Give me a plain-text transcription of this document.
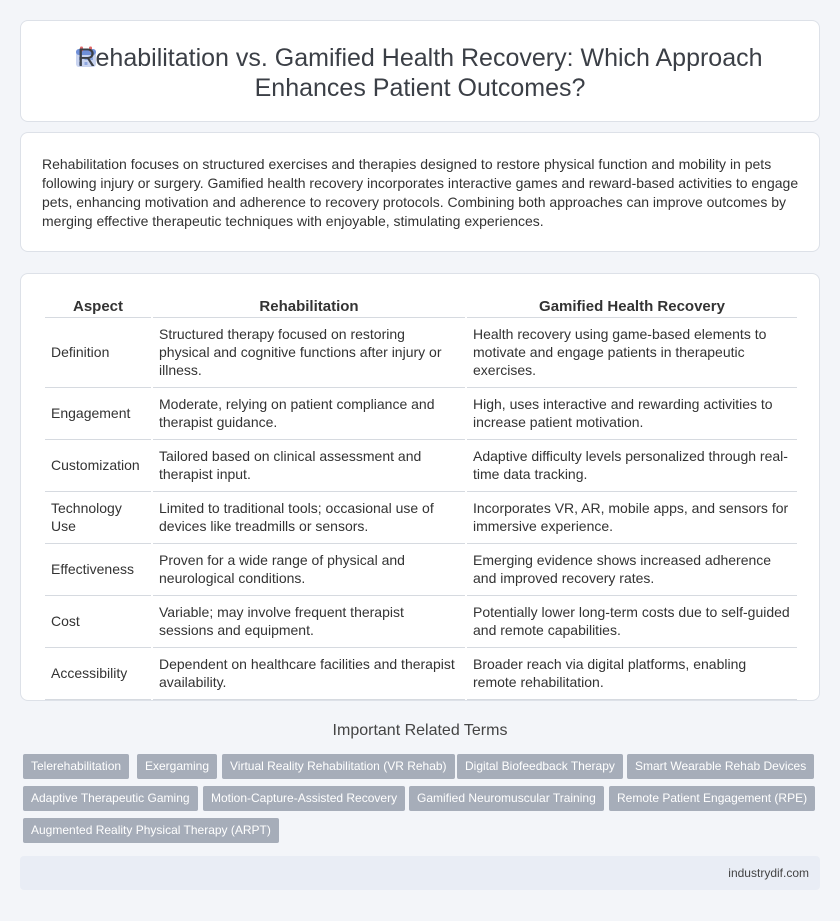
Rehabilitation vs. Gamified Health Recovery: Which Approach Enhances Patient Outcomes?
Rehabilitation focuses on structured exercises and therapies designed to restore physical function and mobility in pets following injury or surgery. Gamified health recovery incorporates interactive games and reward-based activities to engage pets, enhancing motivation and adherence to recovery protocols. Combining both approaches can improve outcomes by merging effective therapeutic techniques with enjoyable, stimulating experiences.
Aspect	Rehabilitation	Gamified Health Recovery
Definition	Structured therapy focused on restoring physical and cognitive functions after injury or illness.	Health recovery using game-based elements to motivate and engage patients in therapeutic exercises.
Engagement	Moderate, relying on patient compliance and therapist guidance.	High, uses interactive and rewarding activities to increase patient motivation.
Customization	Tailored based on clinical assessment and therapist input.	Adaptive difficulty levels personalized through real-time data tracking.
Technology Use	Limited to traditional tools; occasional use of devices like treadmills or sensors.	Incorporates VR, AR, mobile apps, and sensors for immersive experience.
Effectiveness	Proven for a wide range of physical and neurological conditions.	Emerging evidence shows increased adherence and improved recovery rates.
Cost	Variable; may involve frequent therapist sessions and equipment.	Potentially lower long-term costs due to self-guided and remote capabilities.
Accessibility	Dependent on healthcare facilities and therapist availability.	Broader reach via digital platforms, enabling remote rehabilitation.
Important Related Terms
Telerehabilitation	Exergaming	Virtual Reality Rehabilitation (VR Rehab)	Digital Biofeedback Therapy	Smart Wearable Rehab Devices
Adaptive Therapeutic Gaming	Motion-Capture-Assisted Recovery	Gamified Neuromuscular Training	Remote Patient Engagement (RPE)
Augmented Reality Physical Therapy (ARPT)
industrydif.com
